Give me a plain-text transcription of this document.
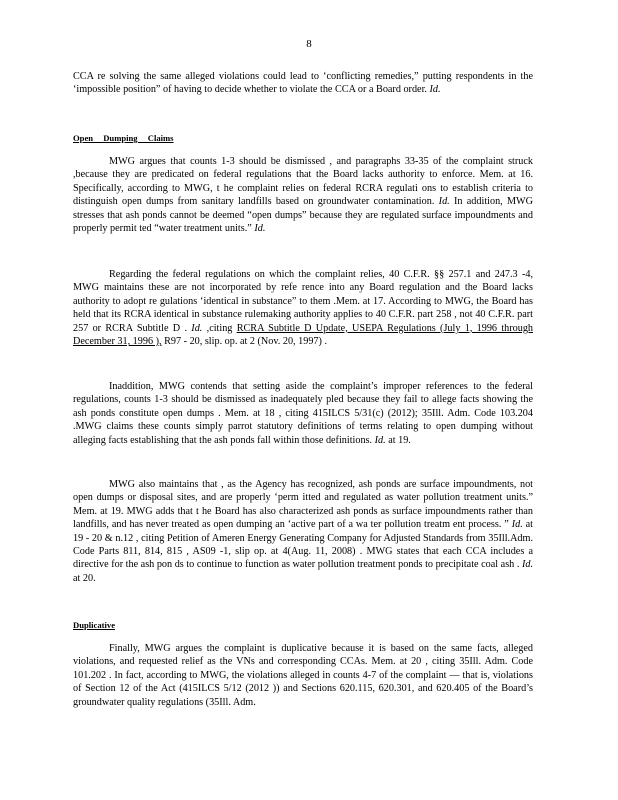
8

CCA re solving the same alleged violations could lead to ‘conflicting remedies,” putting respondents in the ‘impossible position” of having to decide whether to violate the CCA or a Board order. Id.

Open Dumping Claims

MWG argues that counts 1-3 should be dismissed , and paragraphs 33-35 of the complaint struck ,because they are predicated on federal regulations that the Board lacks authority to enforce. Mem. at 16. Specifically, according to MWG, t he complaint relies on federal RCRA regulati ons to establish criteria to distinguish open dumps from sanitary landfills based on groundwater contamination. Id. In addition, MWG stresses that ash ponds cannot be deemed “open dumps” because they are regulated surface impoundments and properly permit ted “water treatment units.” Id.

Regarding the federal regulations on which the complaint relies, 40 C.F.R. §§ 257.1 and 247.3 -4, MWG maintains these are not incorporated by refe rence into any Board regulation and the Board lacks authority to adopt re gulations ‘identical in substance” to them .Mem. at 17. According to MWG, the Board has held that its RCRA identical in substance rulemaking authority applies to 40 C.F.R. part 258 , not 40 C.F.R. part 257 or RCRA Subtitle D . Id. ,citing RCRA Subtitle D Update, USEPA Regulations (July 1, 1996 through December 31, 1996 ), R97 - 20, slip. op. at 2 (Nov. 20, 1997) .

Inaddition, MWG contends that setting aside the complaint’s improper references to the federal regulations, counts 1-3 should be dismissed as inadequately pled because they fail to allege facts showing the ash ponds constitute open dumps . Mem. at 18 , citing 415ILCS 5/31(c) (2012); 35Ill. Adm. Code 103.204 .MWG claims these counts simply parrot statutory definitions of terms relating to open dumping without alleging facts establishing that the ash ponds fall within those definitions. Id. at 19.

MWG also maintains that , as the Agency has recognized, ash ponds are surface impoundments, not open dumps or disposal sites, and are properly ‘perm itted and regulated as water pollution treatment units.” Mem. at 19. MWG adds that t he Board has also characterized ash ponds as surface impoundments rather than landfills, and has never treated as open dumping an ‘active part of a wa ter pollution treatm ent process. ” Id. at 19 - 20 & n.12 , citing Petition of Ameren Energy Generating Company for Adjusted Standards from 35Ill.Adm. Code Parts 811, 814, 815 , AS09 -1, slip op. at 4(Aug. 11, 2008) . MWG states that each CCA includes a directive for the ash pon ds to continue to function as water pollution treatment ponds to precipitate coal ash . Id. at 20.

Duplicative

Finally, MWG argues the complaint is duplicative because it is based on the same facts, alleged violations, and requested relief as the VNs and corresponding CCAs. Mem. at 20 , citing 35Ill. Adm. Code 101.202 . In fact, according to MWG, the violations alleged in counts 4-7 of the complaint — that is, violations of Section 12 of the Act (415ILCS 5/12 (2012 )) and Sections 620.115, 620.301, and 620.405 of the Board’s groundwater quality regulations (35Ill. Adm.
